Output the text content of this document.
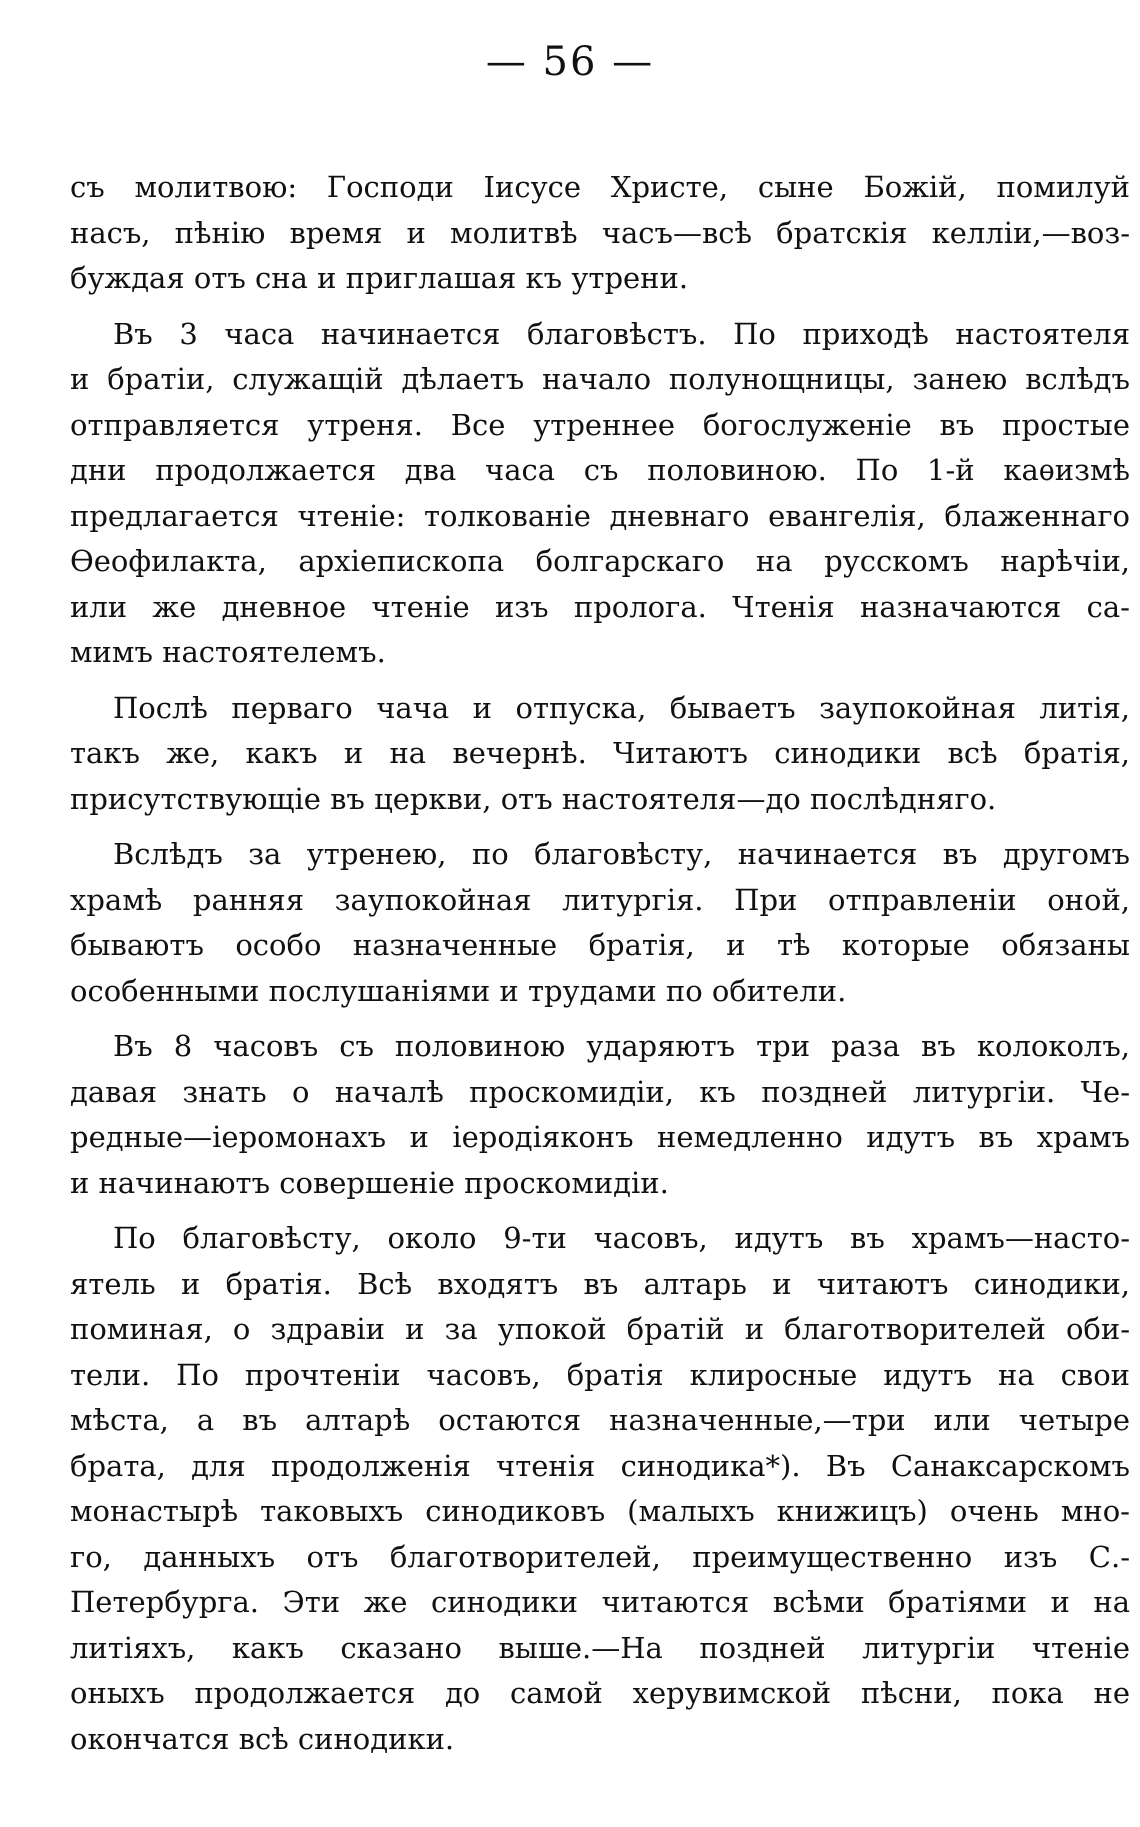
— 56 —
съ молитвою: Господи Іисусе Христе, сыне Божій, помилуй
насъ, пѣнію время и молитвѣ часъ—всѣ братскія келліи,—воз-
буждая отъ сна и приглашая къ утрени.
Въ 3 часа начинается благовѣстъ. По приходѣ настоятеля
и братіи, служащій дѣлаетъ начало полунощницы, занею вслѣдъ
отправляется утреня. Все утреннее богослуженіе въ простые
дни продолжается два часа съ половиною. По 1-й каѳизмѣ
предлагается чтеніе: толкованіе дневнаго евангелія, блаженнаго
Ѳеофилакта, архіепископа болгарскаго на русскомъ нарѣчіи,
или же дневное чтеніе изъ пролога. Чтенія назначаются са-
мимъ настоятелемъ.
Послѣ перваго чача и отпуска, бываетъ заупокойная литія,
такъ же, какъ и на вечернѣ. Читаютъ синодики всѣ братія,
присутствующіе въ церкви, отъ настоятеля—до послѣдняго.
Вслѣдъ за утренею, по благовѣсту, начинается въ другомъ
храмѣ ранняя заупокойная литургія. При отправленіи оной,
бываютъ особо назначенные братія, и тѣ которые обязаны
особенными послушаніями и трудами по обители.
Въ 8 часовъ съ половиною ударяютъ три раза въ колоколъ,
давая знать о началѣ проскомидіи, къ поздней литургіи. Че-
редные—іеромонахъ и іеродіяконъ немедленно идутъ въ храмъ
и начинаютъ совершеніе проскомидіи.
По благовѣсту, около 9-ти часовъ, идутъ въ храмъ—насто-
ятель и братія. Всѣ входятъ въ алтарь и читаютъ синодики,
поминая, о здравіи и за упокой братій и благотворителей оби-
тели. По прочтеніи часовъ, братія клиросные идутъ на свои
мѣста, а въ алтарѣ остаются назначенные,—три или четыре
брата, для продолженія чтенія синодика*). Въ Санаксарскомъ
монастырѣ таковыхъ синодиковъ (малыхъ книжицъ) очень мно-
го, данныхъ отъ благотворителей, преимущественно изъ С.-
Петербурга. Эти же синодики читаются всѣми братіями и на
литіяхъ, какъ сказано выше.—На поздней литургіи чтеніе
оныхъ продолжается до самой херувимской пѣсни, пока не
окончатся всѣ синодики.
